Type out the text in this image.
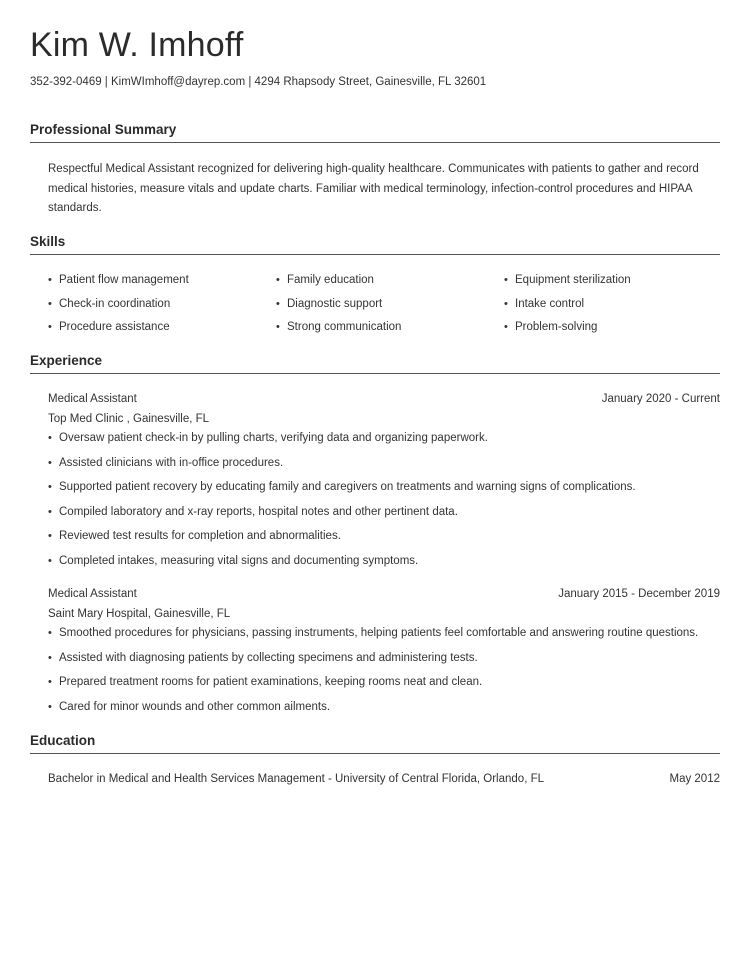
Kim W. Imhoff
352-392-0469 | KimWImhoff@dayrep.com | 4294 Rhapsody Street, Gainesville, FL 32601
Professional Summary
Respectful Medical Assistant recognized for delivering high-quality healthcare. Communicates with patients to gather and record medical histories, measure vitals and update charts. Familiar with medical terminology, infection-control procedures and HIPAA standards.
Skills
• Patient flow management	• Family education	• Equipment sterilization
• Check-in coordination	• Diagnostic support	• Intake control
• Procedure assistance	• Strong communication	• Problem-solving
Experience
Medical Assistant	January 2020 - Current
Top Med Clinic , Gainesville, FL
• Oversaw patient check-in by pulling charts, verifying data and organizing paperwork.
• Assisted clinicians with in-office procedures.
• Supported patient recovery by educating family and caregivers on treatments and warning signs of complications.
• Compiled laboratory and x-ray reports, hospital notes and other pertinent data.
• Reviewed test results for completion and abnormalities.
• Completed intakes, measuring vital signs and documenting symptoms.
Medical Assistant	January 2015 - December 2019
Saint Mary Hospital, Gainesville, FL
• Smoothed procedures for physicians, passing instruments, helping patients feel comfortable and answering routine questions.
• Assisted with diagnosing patients by collecting specimens and administering tests.
• Prepared treatment rooms for patient examinations, keeping rooms neat and clean.
• Cared for minor wounds and other common ailments.
Education
Bachelor in Medical and Health Services Management - University of Central Florida, Orlando, FL	May 2012
